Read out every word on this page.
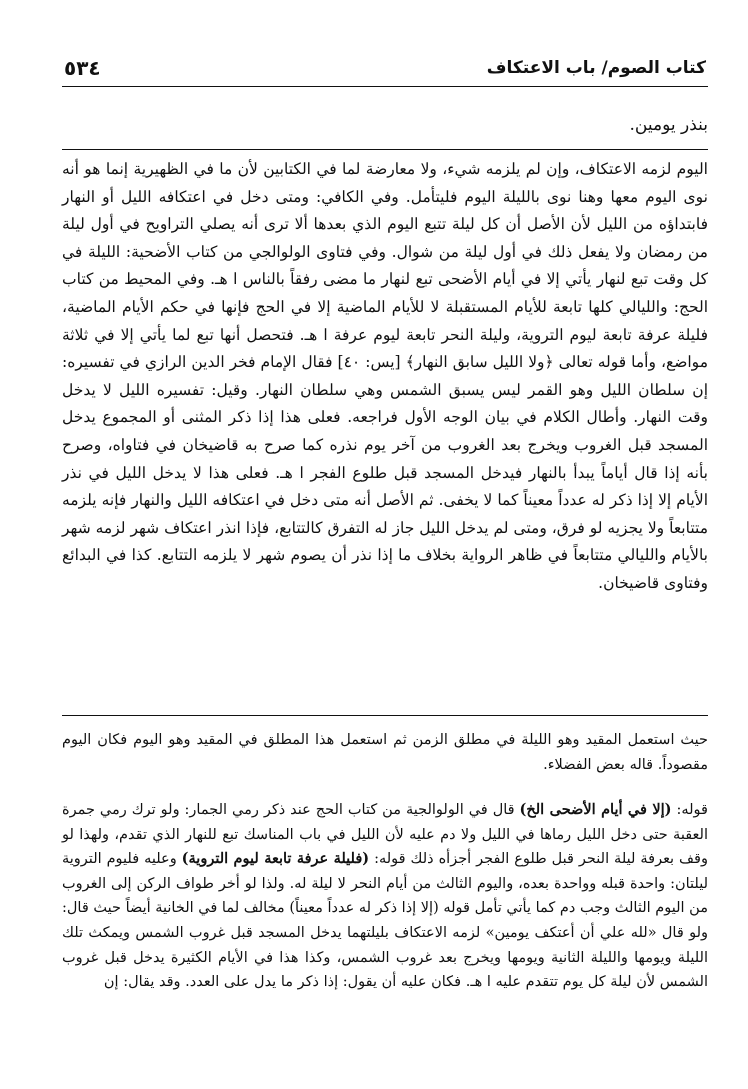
٥٣٤	كتاب الصوم/ باب الاعتكاف
بنذر يومين.
اليوم لزمه الاعتكاف، وإن لم يلزمه شيء، ولا معارضة لما في الكتابين لأن ما في الظهيرية إنما هو أنه نوى اليوم معها وهنا نوى بالليلة اليوم فليتأمل. وفي الكافي: ومتى دخل في اعتكافه الليل أو النهار فابتداؤه من الليل لأن الأصل أن كل ليلة تتبع اليوم الذي بعدها ألا ترى أنه يصلي التراويح في أول ليلة من رمضان ولا يفعل ذلك في أول ليلة من شوال. وفي فتاوى الولوالجي من كتاب الأضحية: الليلة في كل وقت تبع لنهار يأتي إلا في أيام الأضحى تبع لنهار ما مضى رفقاً بالناس ا هـ. وفي المحيط من كتاب الحج: والليالي كلها تابعة للأيام المستقبلة لا للأيام الماضية إلا في الحج فإنها في حكم الأيام الماضية، فليلة عرفة تابعة ليوم التروية، وليلة النحر تابعة ليوم عرفة ا هـ. فتحصل أنها تبع لما يأتي إلا في ثلاثة مواضع، وأما قوله تعالى ﴿ولا الليل سابق النهار﴾ [يس: ٤٠] فقال الإمام فخر الدين الرازي في تفسيره: إن سلطان الليل وهو القمر ليس يسبق الشمس وهي سلطان النهار. وقيل: تفسيره الليل لا يدخل وقت النهار. وأطال الكلام في بيان الوجه الأول فراجعه. فعلى هذا إذا ذكر المثنى أو المجموع يدخل المسجد قبل الغروب ويخرج بعد الغروب من آخر يوم نذره كما صرح به قاضيخان في فتاواه، وصرح بأنه إذا قال أياماً يبدأ بالنهار فيدخل المسجد قبل طلوع الفجر ا هـ. فعلى هذا لا يدخل الليل في نذر الأيام إلا إذا ذكر له عدداً معيناً كما لا يخفى. ثم الأصل أنه متى دخل في اعتكافه الليل والنهار فإنه يلزمه متتابعاً ولا يجزيه لو فرق، ومتى لم يدخل الليل جاز له التفرق كالتتابع، فإذا انذر اعتكاف شهر لزمه شهر بالأيام والليالي متتابعاً في ظاهر الرواية بخلاف ما إذا نذر أن يصوم شهر لا يلزمه التتابع. كذا في البدائع وفتاوى قاضيخان.
حيث استعمل المقيد وهو الليلة في مطلق الزمن ثم استعمل هذا المطلق في المقيد وهو اليوم فكان اليوم مقصوداً. قاله بعض الفضلاء.
قوله: (إلا في أيام الأضحى الخ) قال في الولوالجية من كتاب الحج عند ذكر رمي الجمار: ولو ترك رمي جمرة العقبة حتى دخل الليل رماها في الليل ولا دم عليه لأن الليل في باب المناسك تبع للنهار الذي تقدم، ولهذا لو وقف بعرفة ليلة النحر قبل طلوع الفجر أجزأه ذلك قوله: (فليلة عرفة تابعة ليوم التروية) وعليه فليوم التروية ليلتان: واحدة قبله وواحدة بعده، واليوم الثالث من أيام النحر لا ليلة له. ولذا لو أخر طواف الركن إلى الغروب من اليوم الثالث وجب دم كما يأتي تأمل قوله (إلا إذا ذكر له عدداً معيناً) مخالف لما في الخانية أيضاً حيث قال: ولو قال «لله علي أن أعتكف يومين» لزمه الاعتكاف بليلتهما يدخل المسجد قبل غروب الشمس ويمكث تلك الليلة ويومها والليلة الثانية ويومها ويخرج بعد غروب الشمس، وكذا هذا في الأيام الكثيرة يدخل قبل غروب الشمس لأن ليلة كل يوم تتقدم عليه ا هـ. فكان عليه أن يقول: إذا ذكر ما يدل على العدد. وقد يقال: إن
